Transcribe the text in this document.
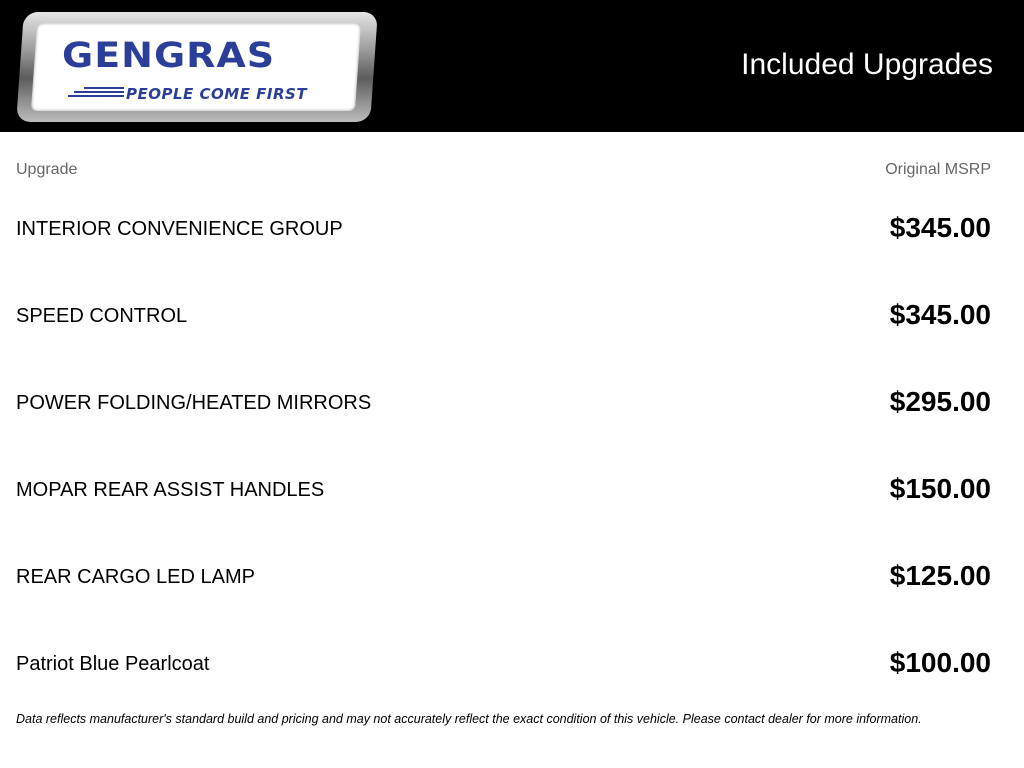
GENGRAS
PEOPLE COME FIRST
Included Upgrades
Upgrade	Original MSRP
INTERIOR CONVENIENCE GROUP	$345.00
SPEED CONTROL	$345.00
POWER FOLDING/HEATED MIRRORS	$295.00
MOPAR REAR ASSIST HANDLES	$150.00
REAR CARGO LED LAMP	$125.00
Patriot Blue Pearlcoat	$100.00
Data reflects manufacturer's standard build and pricing and may not accurately reflect the exact condition of this vehicle. Please contact dealer for more information.
